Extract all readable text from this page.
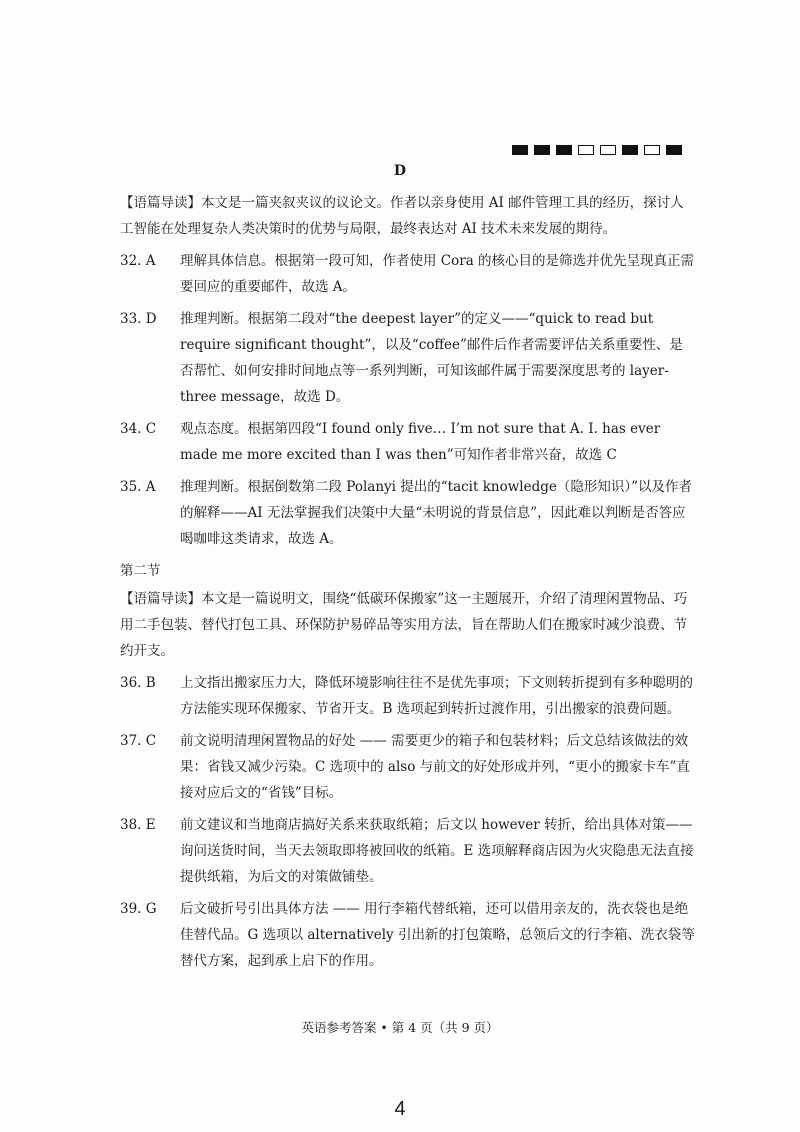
D

【语篇导读】本文是一篇夹叙夹议的议论文。作者以亲身使用 AI 邮件管理工具的经历，探讨人工智能在处理复杂人类决策时的优势与局限，最终表达对 AI 技术未来发展的期待。

32. A	理解具体信息。根据第一段可知，作者使用 Cora 的核心目的是筛选并优先呈现真正需要回应的重要邮件，故选 A。
33. D	推理判断。根据第二段对“the deepest layer”的定义——“quick to read but require significant thought”，以及“coffee”邮件后作者需要评估关系重要性、是否帮忙、如何安排时间地点等一系列判断，可知该邮件属于需要深度思考的 layer-three message，故选 D。
34. C	观点态度。根据第四段“I found only five… I’m not sure that A. I. has ever made me more excited than I was then”可知作者非常兴奋，故选 C
35. A	推理判断。根据倒数第二段 Polanyi 提出的“tacit knowledge（隐形知识）”以及作者的解释——AI 无法掌握我们决策中大量“未明说的背景信息”，因此难以判断是否答应喝咖啡这类请求，故选 A。

第二节

【语篇导读】本文是一篇说明文，围绕“低碳环保搬家”这一主题展开，介绍了清理闲置物品、巧用二手包装、替代打包工具、环保防护易碎品等实用方法，旨在帮助人们在搬家时减少浪费、节约开支。

36. B	上文指出搬家压力大，降低环境影响往往不是优先事项；下文则转折提到有多种聪明的方法能实现环保搬家、节省开支。B 选项起到转折过渡作用，引出搬家的浪费问题。
37. C	前文说明清理闲置物品的好处 —— 需要更少的箱子和包装材料；后文总结该做法的效果：省钱又减少污染。C 选项中的 also 与前文的好处形成并列，“更小的搬家卡车”直接对应后文的“省钱”目标。
38. E	前文建议和当地商店搞好关系来获取纸箱；后文以 however 转折，给出具体对策——询问送货时间，当天去领取即将被回收的纸箱。E 选项解释商店因为火灾隐患无法直接提供纸箱，为后文的对策做铺垫。
39. G	后文破折号引出具体方法 —— 用行李箱代替纸箱，还可以借用亲友的，洗衣袋也是绝佳替代品。G 选项以 alternatively 引出新的打包策略，总领后文的行李箱、洗衣袋等替代方案，起到承上启下的作用。
英语参考答案 • 第 4 页（共 9 页）
4
